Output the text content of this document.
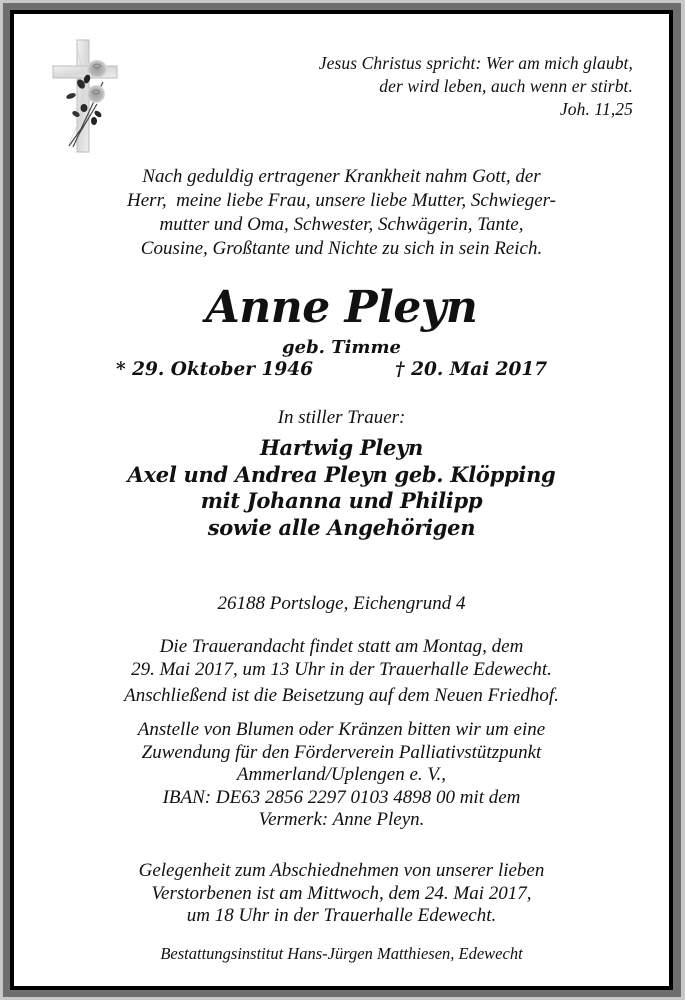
Jesus Christus spricht: Wer am mich glaubt,
der wird leben, auch wenn er stirbt.
Joh. 11,25
Nach geduldig ertragener Krankheit nahm Gott, der
Herr,  meine liebe Frau, unsere liebe Mutter, Schwieger-
mutter und Oma, Schwester, Schwägerin, Tante,
Cousine, Großtante und Nichte zu sich in sein Reich.
Anne Pleyn
geb. Timme
* 29. Oktober 1946	† 20. Mai 2017
In stiller Trauer:
Hartwig Pleyn
Axel und Andrea Pleyn geb. Klöpping
mit Johanna und Philipp
sowie alle Angehörigen
26188 Portsloge, Eichengrund 4
Die Trauerandacht findet statt am Montag, dem
29. Mai 2017, um 13 Uhr in der Trauerhalle Edewecht.
Anschließend ist die Beisetzung auf dem Neuen Friedhof.
Anstelle von Blumen oder Kränzen bitten wir um eine
Zuwendung für den Förderverein Palliativstützpunkt
Ammerland/Uplengen e. V.,
IBAN: DE63 2856 2297 0103 4898 00 mit dem
Vermerk: Anne Pleyn.
Gelegenheit zum Abschiednehmen von unserer lieben
Verstorbenen ist am Mittwoch, dem 24. Mai 2017,
um 18 Uhr in der Trauerhalle Edewecht.
Bestattungsinstitut Hans-Jürgen Matthiesen, Edewecht
